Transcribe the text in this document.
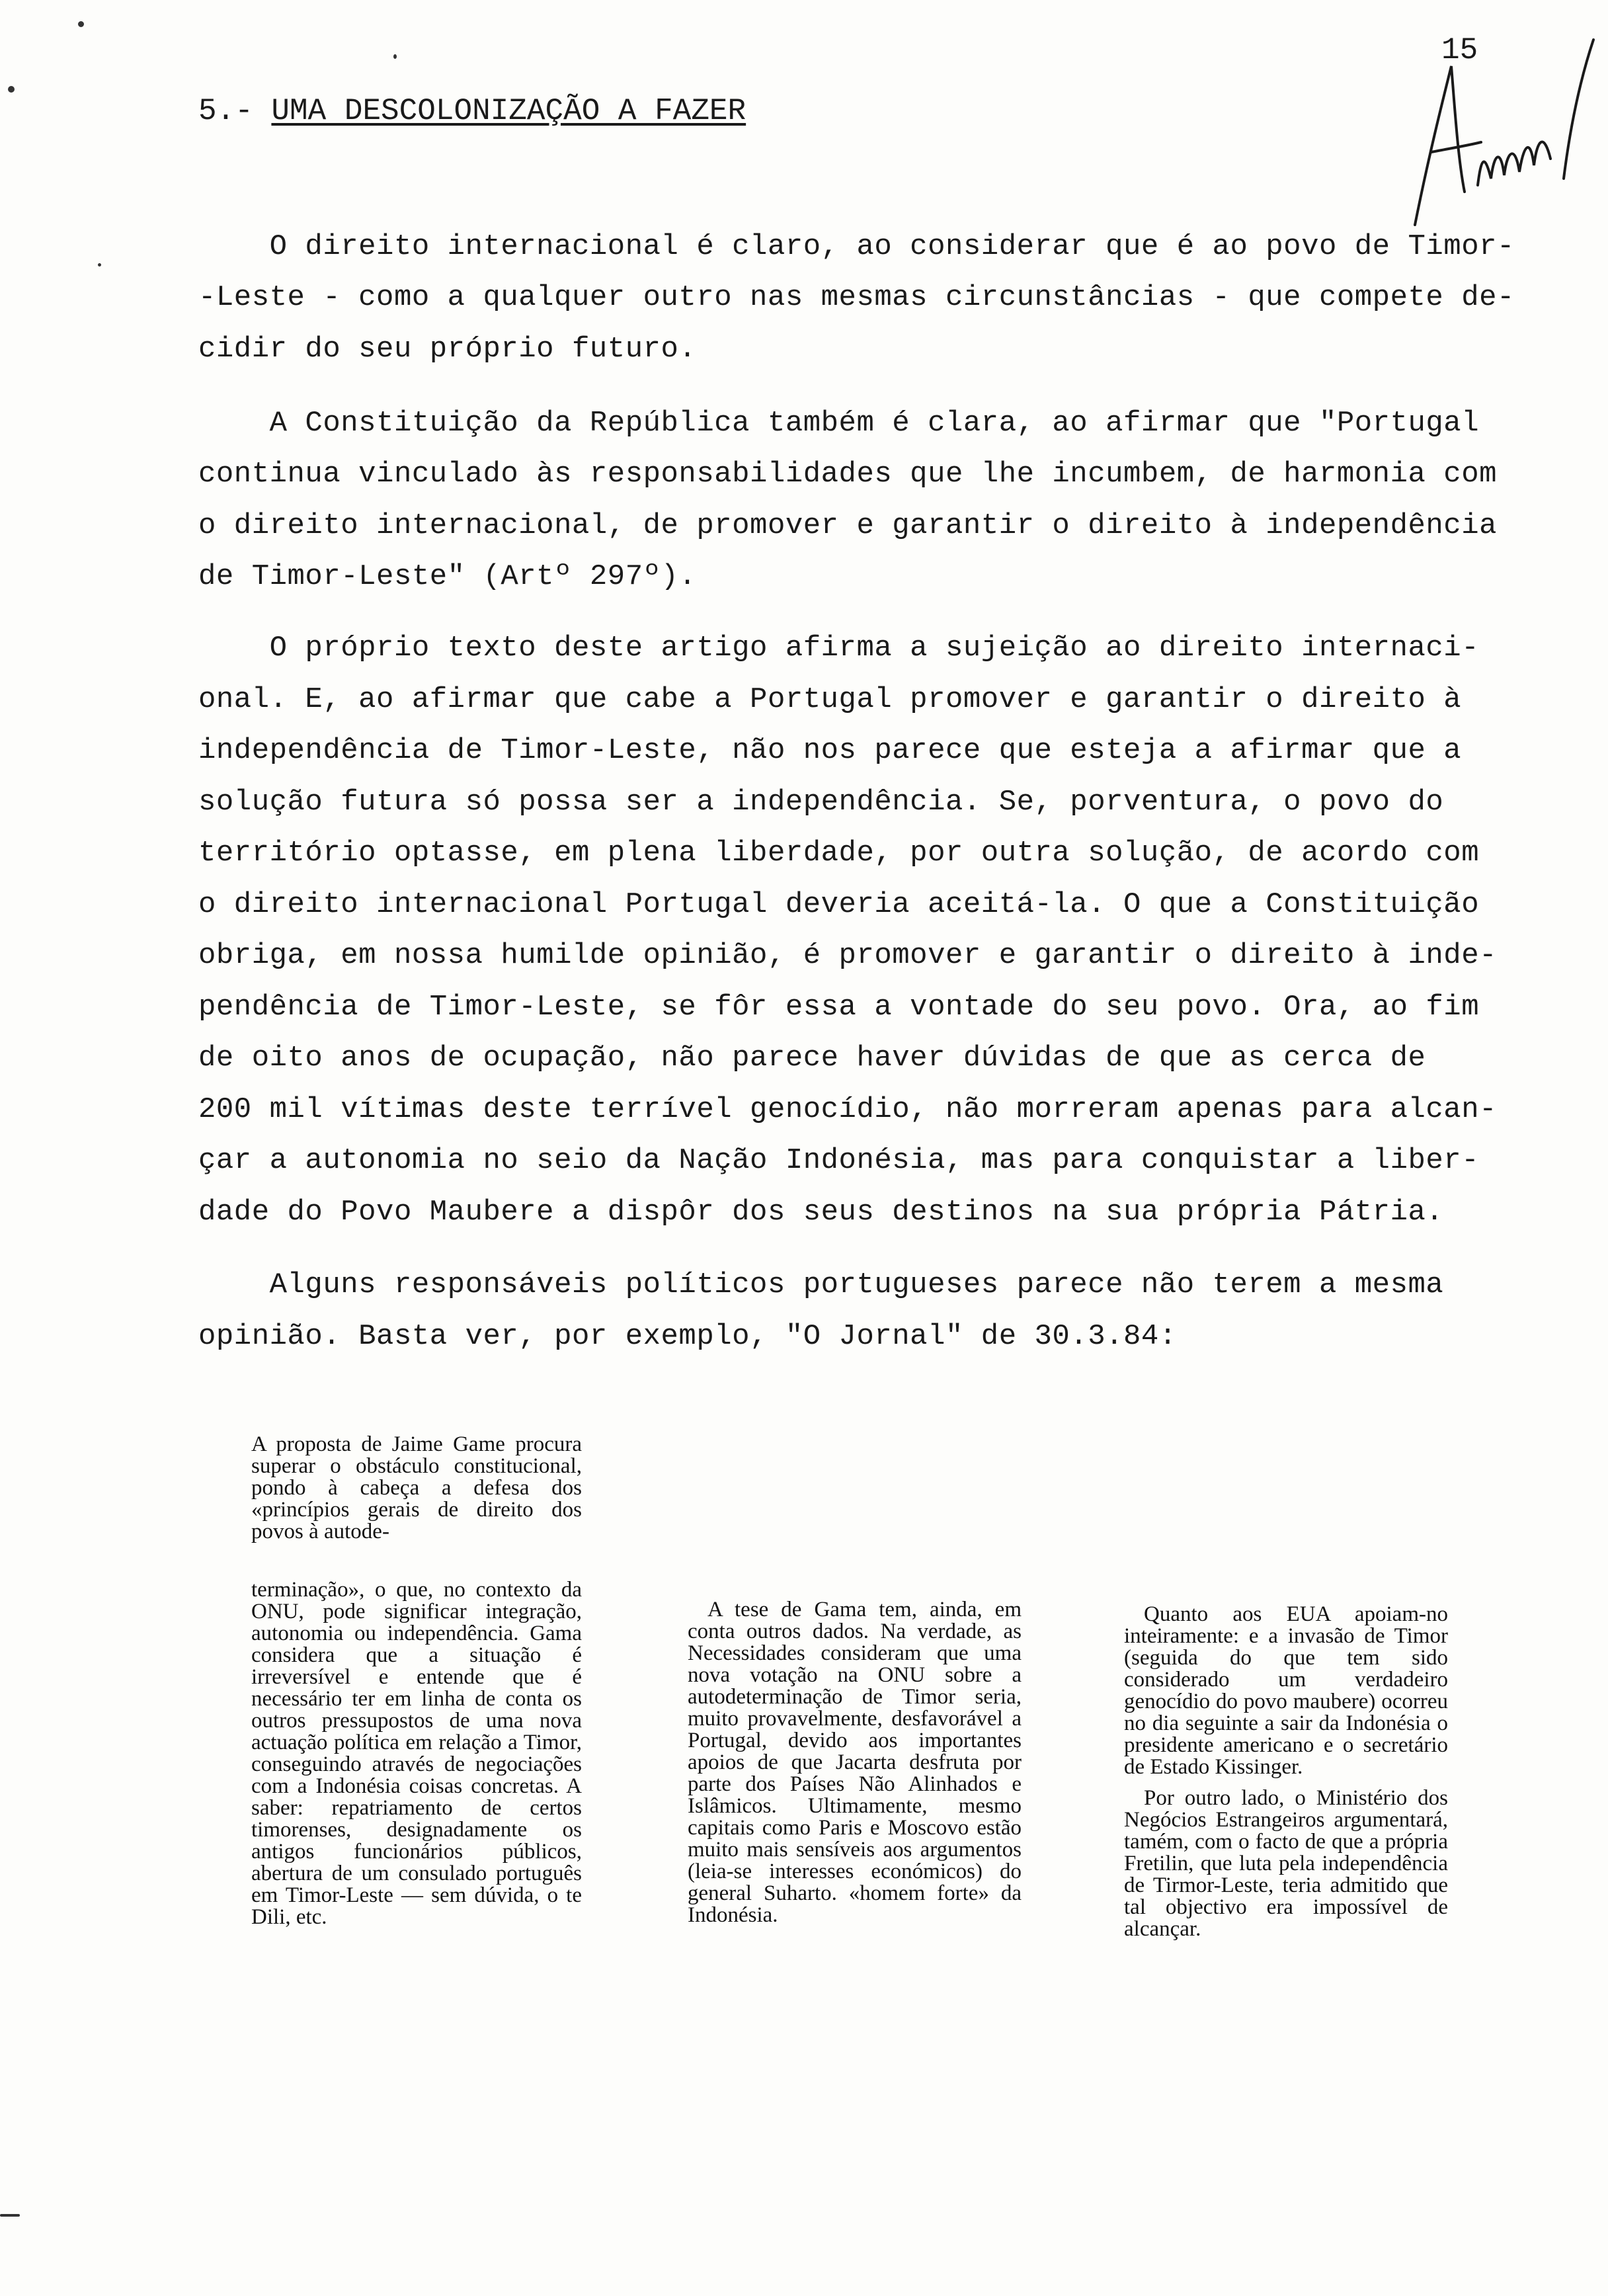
15
5.- UMA DESCOLONIZAÇÃO A FAZER
O direito internacional é claro, ao considerar que é ao povo de Timor-
-Leste - como a qualquer outro nas mesmas circunstâncias - que compete de-
cidir do seu próprio futuro.
A Constituição da República também é clara, ao afirmar que "Portugal
continua vinculado às responsabilidades que lhe incumbem, de harmonia com
o direito internacional, de promover e garantir o direito à independência
de Timor-Leste" (Artº 297º).
O próprio texto deste artigo afirma a sujeição ao direito internaci-
onal. E, ao afirmar que cabe a Portugal promover e garantir o direito à
independência de Timor-Leste, não nos parece que esteja a afirmar que a
solução futura só possa ser a independência. Se, porventura, o povo do
território optasse, em plena liberdade, por outra solução, de acordo com
o direito internacional Portugal deveria aceitá-la. O que a Constituição
obriga, em nossa humilde opinião, é promover e garantir o direito à inde-
pendência de Timor-Leste, se fôr essa a vontade do seu povo. Ora, ao fim
de oito anos de ocupação, não parece haver dúvidas de que as cerca de
200 mil vítimas deste terrível genocídio, não morreram apenas para alcan-
çar a autonomia no seio da Nação Indonésia, mas para conquistar a liber-
dade do Povo Maubere a dispôr dos seus destinos na sua própria Pátria.
Alguns responsáveis políticos portugueses parece não terem a mesma
opinião. Basta ver, por exemplo, "O Jornal" de 30.3.84:

A proposta de Jaime Game procura superar o obstáculo constitucional, pondo à cabeça a defesa dos «princípios gerais de direito dos povos à autode-

terminação», o que, no contexto da ONU, pode significar integração, autonomia ou independência. Gama considera que a situação é irreversível e entende que é necessário ter em linha de conta os outros pressupostos de uma nova actuação política em relação a Timor, conseguindo através de negociações com a Indonésia coisas concretas. A saber: repatriamento de certos timorenses, designadamente os antigos funcionários públicos, abertura de um consulado português em Timor-Leste — sem dúvida, o te Dili, etc.

A tese de Gama tem, ainda, em conta outros dados. Na verdade, as Necessidades consideram que uma nova votação na ONU sobre a autodeterminação de Timor seria, muito provavelmente, desfavorável a Portugal, devido aos importantes apoios de que Jacarta desfruta por parte dos Países Não Alinhados e Islâmicos. Ultimamente, mesmo capitais como Paris e Moscovo estão muito mais sensíveis aos argumentos (leia-se interesses económicos) do general Suharto. «homem forte» da Indonésia.

Quanto aos EUA apoiam-no inteiramente: e a invasão de Timor (seguida do que tem sido considerado um verdadeiro genocídio do povo maubere) ocorreu no dia seguinte a sair da Indonésia o presidente americano e o secretário de Estado Kissinger.

Por outro lado, o Ministério dos Negócios Estrangeiros argumentará, tamém, com o facto de que a própria Fretilin, que luta pela independência de Tirmor-Leste, teria admitido que tal objectivo era impossível de alcançar.
